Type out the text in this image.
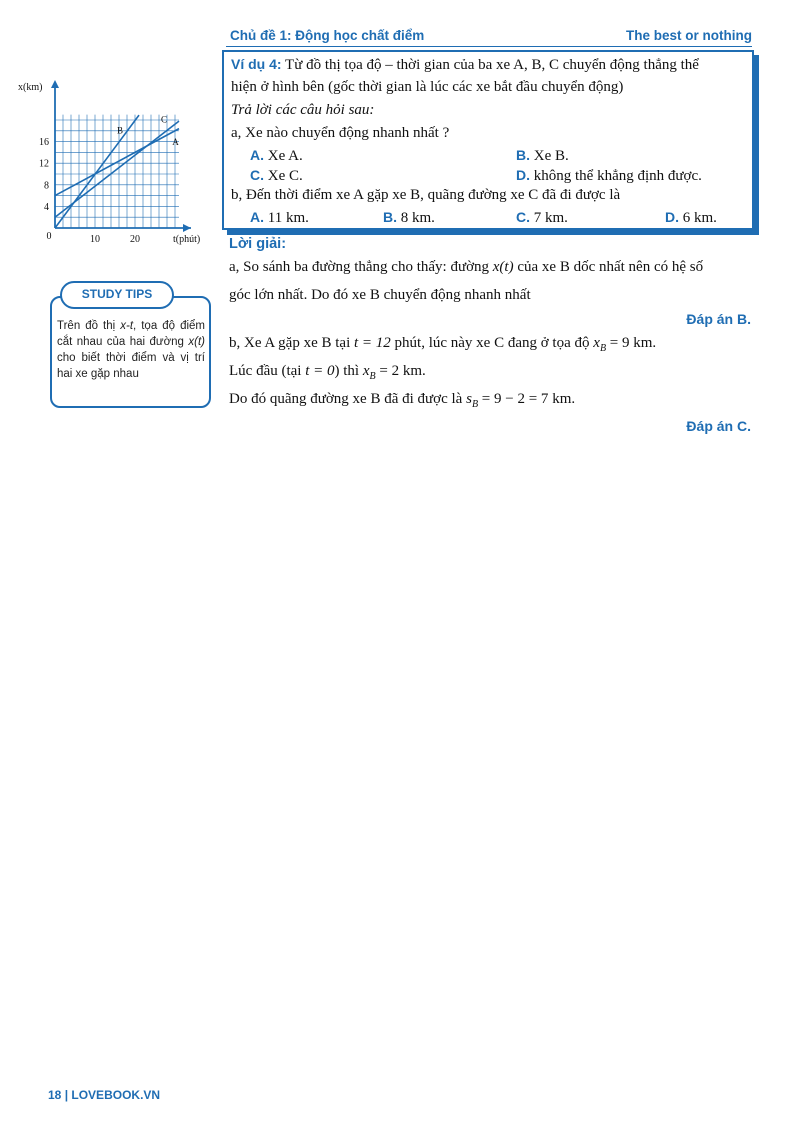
Chủ đề 1: Động học chất điểm	The best or nothing
x(km)
t(phút)
0	10	20
4
8
12
16	A
B
C
Ví dụ 4: Từ đồ thị tọa độ – thời gian của ba xe A, B, C chuyển động thẳng thể
hiện ở hình bên (gốc thời gian là lúc các xe bắt đầu chuyển động)
Trả lời các câu hỏi sau:
a, Xe nào chuyển động nhanh nhất ?
A. Xe A.	B. Xe B.
C. Xe C.	D. không thể khẳng định được.
b, Đến thời điểm xe A gặp xe B, quãng đường xe C đã đi được là
A. 11 km.	B. 8 km.	C. 7 km.	D. 6 km.
Lời giải:
a, So sánh ba đường thẳng cho thấy: đường x(t) của xe B dốc nhất nên có hệ số
góc lớn nhất. Do đó xe B chuyển động nhanh nhất
Đáp án B.
b, Xe A gặp xe B tại t = 12 phút, lúc này xe C đang ở tọa độ $x_B = 9$ km.
Lúc đầu (tại t = 0) thì $x_B = 2$ km.
Do đó quãng đường xe B đã đi được là $s_B = 9 - 2 = 7$ km.
Đáp án C.
STUDY TIPS
Trên đồ thị x-t, tọa độ điểm cắt nhau của hai đường x(t) cho biết thời điểm và vị trí hai xe gặp nhau
18 | LOVEBOOK.VN
